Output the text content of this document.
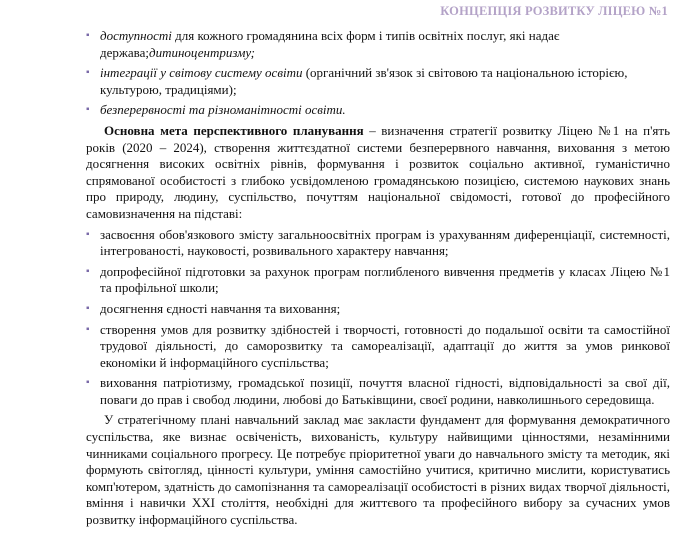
КОНЦЕПЦІЯ РОЗВИТКУ ЛІЦЕЮ №1
▪ доступності для кожного громадянина всіх форм і типів освітніх послуг, які надає держава;дитиноцентризму;
▪ інтеграції у світову систему освіти (органічний зв'язок зі світовою та національною історією, культурою, традиціями);
▪ безперервності та різноманітності освіти.

Основна мета перспективного планування – визначення стратегії розвитку Ліцею №1 на п'ять років (2020 – 2024), створення життєздатної системи безперервного навчання, виховання з метою досягнення високих освітніх рівнів, формування і розвиток соціально активної, гуманістично спрямованої особистості з глибоко усвідомленою громадянською позицією, системою наукових знань про природу, людину, суспільство, почуттям національної свідомості, готової до професійного самовизначення на підставі:

▪ засвоєння обов'язкового змісту загальноосвітніх програм із урахуванням диференціації, системності, інтегрованості, науковості, розвивального характеру навчання;
▪ допрофесійної підготовки за рахунок програм поглибленого вивчення предметів у класах Ліцею №1 та профільної школи;
▪ досягнення єдності навчання та виховання;
▪ створення умов для розвитку здібностей і творчості, готовності до подальшої освіти та самостійної трудової діяльності, до саморозвитку та самореалізації, адаптації до життя за умов ринкової економіки й інформаційного суспільства;
▪ виховання патріотизму, громадської позиції, почуття власної гідності, відповідальності за свої дії, поваги до прав і свобод людини, любові до Батьківщини, своєї родини, навколишнього середовища.

У стратегічному плані навчальний заклад має закласти фундамент для формування демократичного суспільства, яке визнає освіченість, вихованість, культуру найвищими цінностями, незамінними чинниками соціального прогресу. Це потребує пріоритетної уваги до навчального змісту та методик, які формують світогляд, цінності культури, уміння самостійно учитися, критично мислити, користуватись комп'ютером, здатність до самопізнання та самореалізації особистості в різних видах творчої діяльності, вміння і навички XXI століття, необхідні для життєвого та професійного вибору за сучасних умов розвитку інформаційного суспільства.
